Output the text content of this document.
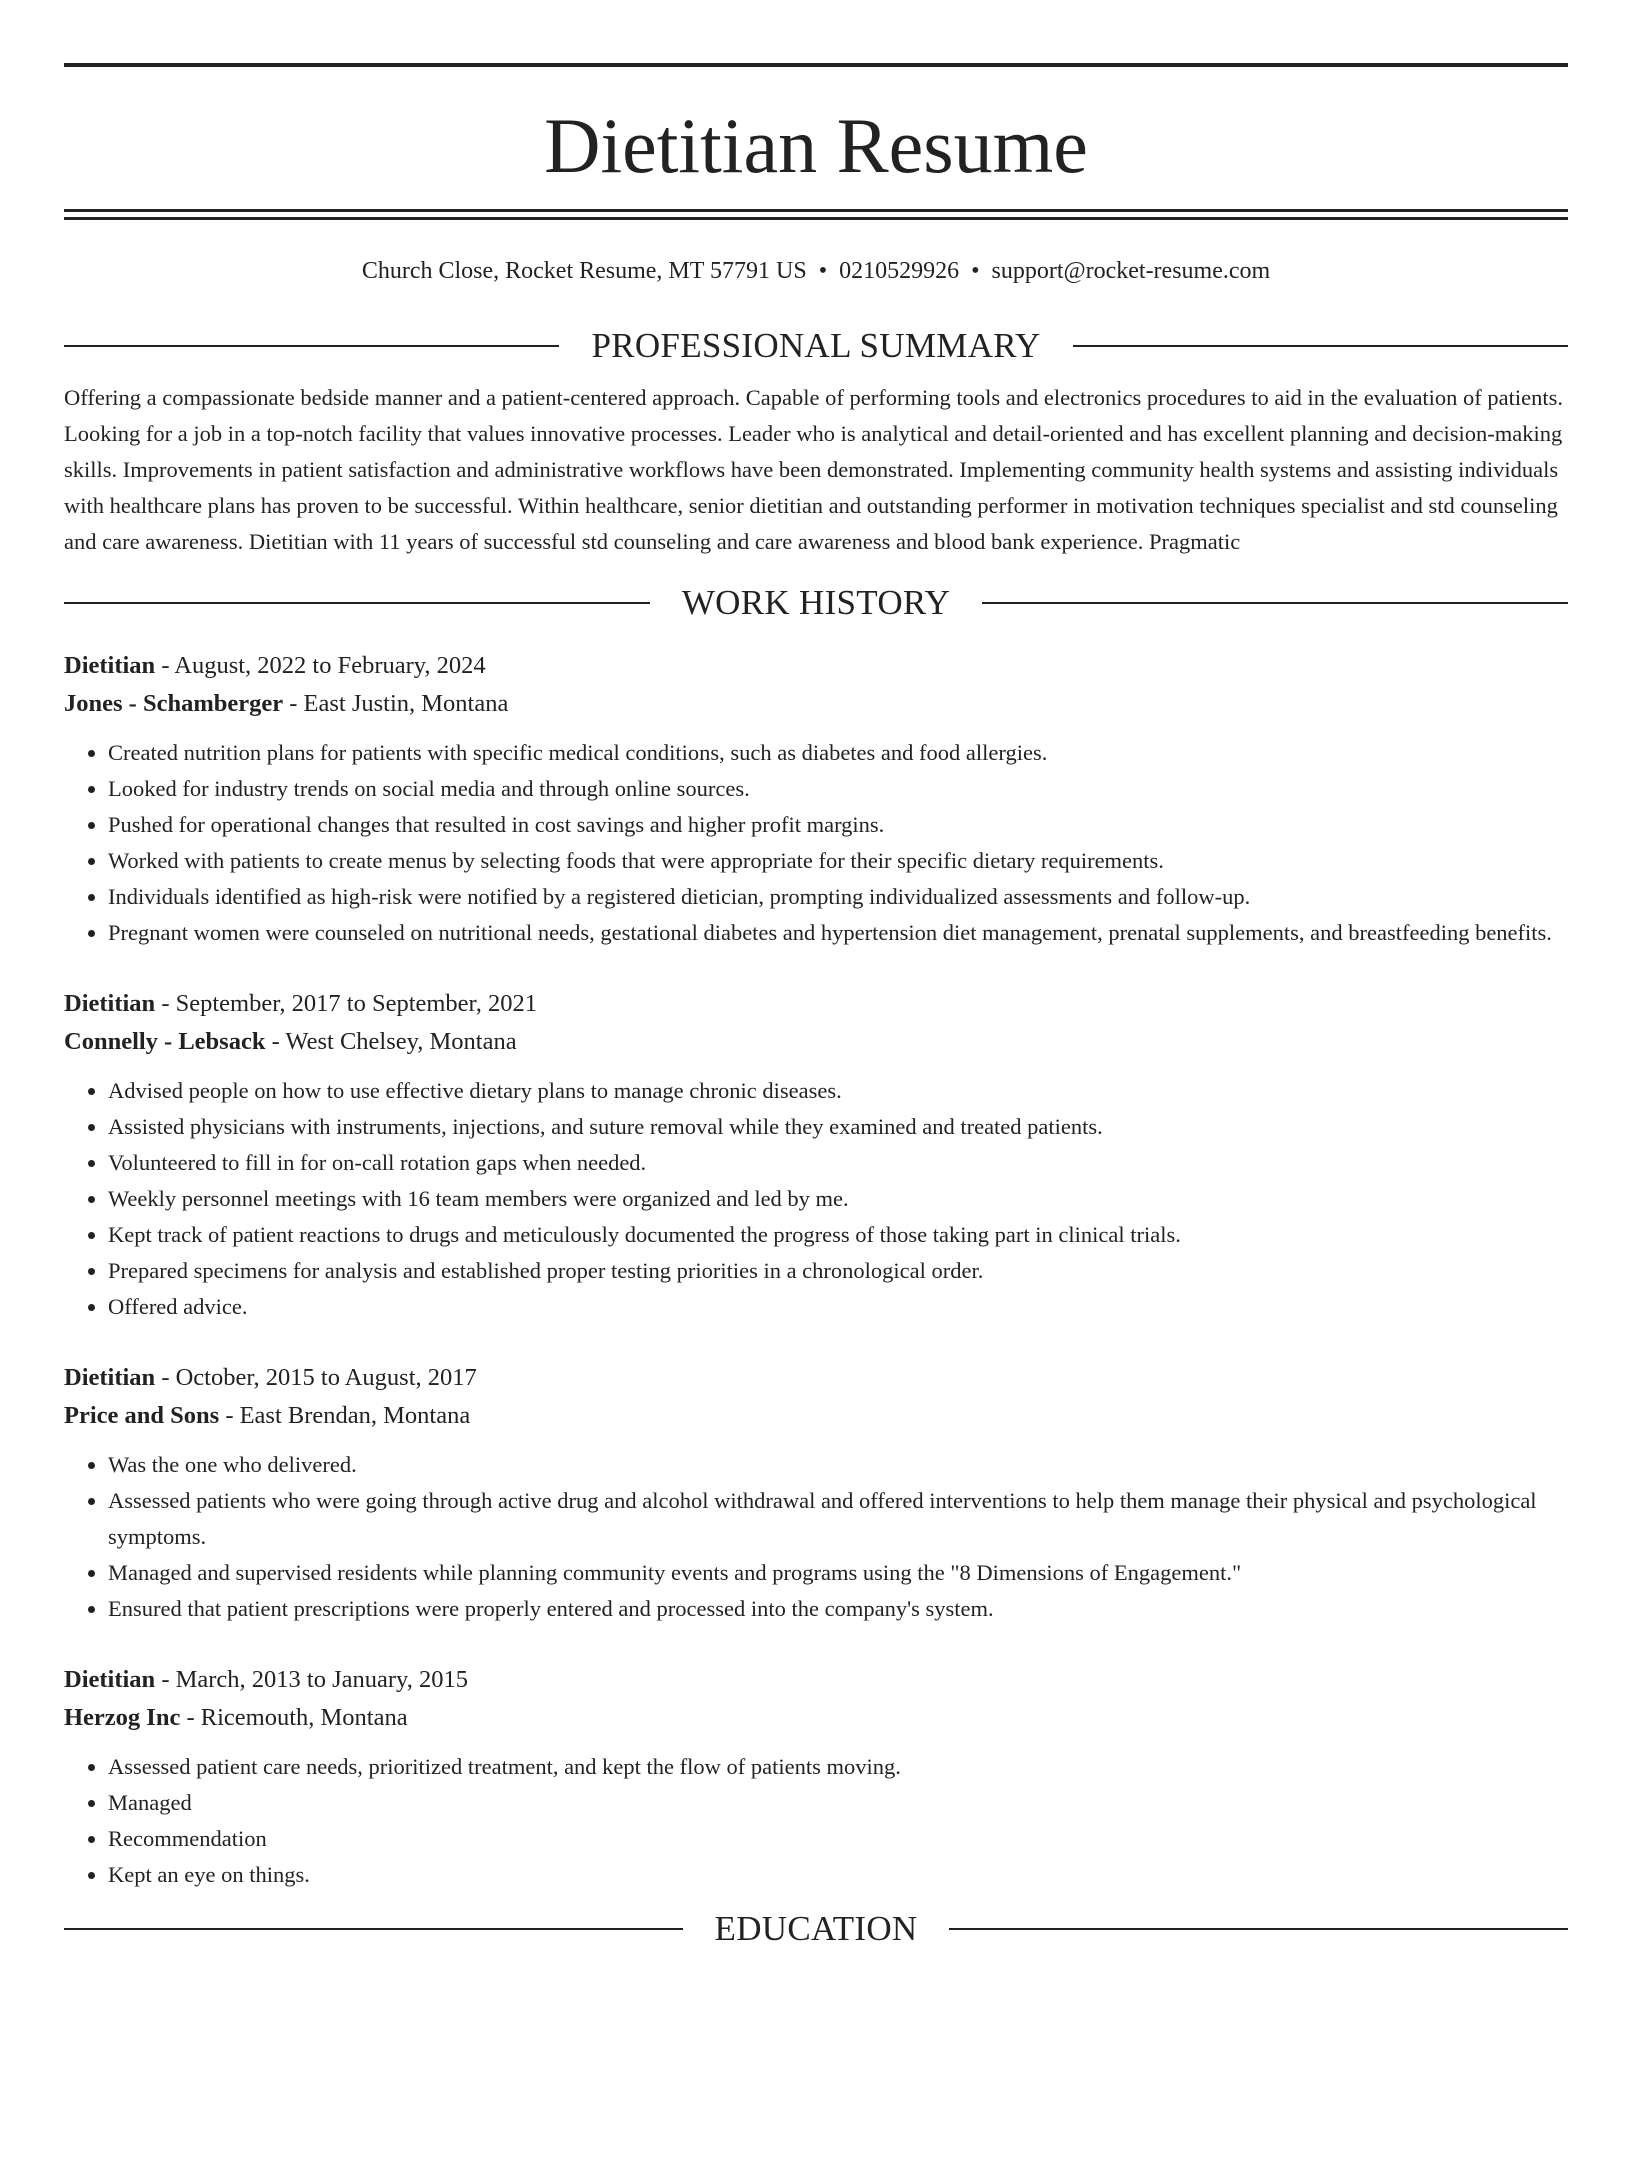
Dietitian Resume
Church Close, Rocket Resume, MT 57791 US • 0210529926 • support@rocket-resume.com
PROFESSIONAL SUMMARY

Offering a compassionate bedside manner and a patient-centered approach. Capable of performing tools and electronics procedures to aid in the evaluation of patients. Looking for a job in a top-notch facility that values innovative processes. Leader who is analytical and detail-oriented and has excellent planning and decision-making skills. Improvements in patient satisfaction and administrative workflows have been demonstrated. Implementing community health systems and assisting individuals with healthcare plans has proven to be successful. Within healthcare, senior dietitian and outstanding performer in motivation techniques specialist and std counseling and care awareness. Dietitian with 11 years of successful std counseling and care awareness and blood bank experience. Pragmatic

WORK HISTORY
Dietitian - August, 2022 to February, 2024
Jones - Schamberger - East Justin, Montana
• Created nutrition plans for patients with specific medical conditions, such as diabetes and food allergies.
• Looked for industry trends on social media and through online sources.
• Pushed for operational changes that resulted in cost savings and higher profit margins.
• Worked with patients to create menus by selecting foods that were appropriate for their specific dietary requirements.
• Individuals identified as high-risk were notified by a registered dietician, prompting individualized assessments and follow-up.
• Pregnant women were counseled on nutritional needs, gestational diabetes and hypertension diet management, prenatal supplements, and breastfeeding benefits.
Dietitian - September, 2017 to September, 2021
Connelly - Lebsack - West Chelsey, Montana
• Advised people on how to use effective dietary plans to manage chronic diseases.
• Assisted physicians with instruments, injections, and suture removal while they examined and treated patients.
• Volunteered to fill in for on-call rotation gaps when needed.
• Weekly personnel meetings with 16 team members were organized and led by me.
• Kept track of patient reactions to drugs and meticulously documented the progress of those taking part in clinical trials.
• Prepared specimens for analysis and established proper testing priorities in a chronological order.
• Offered advice.
Dietitian - October, 2015 to August, 2017
Price and Sons - East Brendan, Montana
• Was the one who delivered.
• Assessed patients who were going through active drug and alcohol withdrawal and offered interventions to help them manage their physical and psychological symptoms.
• Managed and supervised residents while planning community events and programs using the "8 Dimensions of Engagement."
• Ensured that patient prescriptions were properly entered and processed into the company's system.
Dietitian - March, 2013 to January, 2015
Herzog Inc - Ricemouth, Montana
• Assessed patient care needs, prioritized treatment, and kept the flow of patients moving.
• Managed
• Recommendation
• Kept an eye on things.
EDUCATION
